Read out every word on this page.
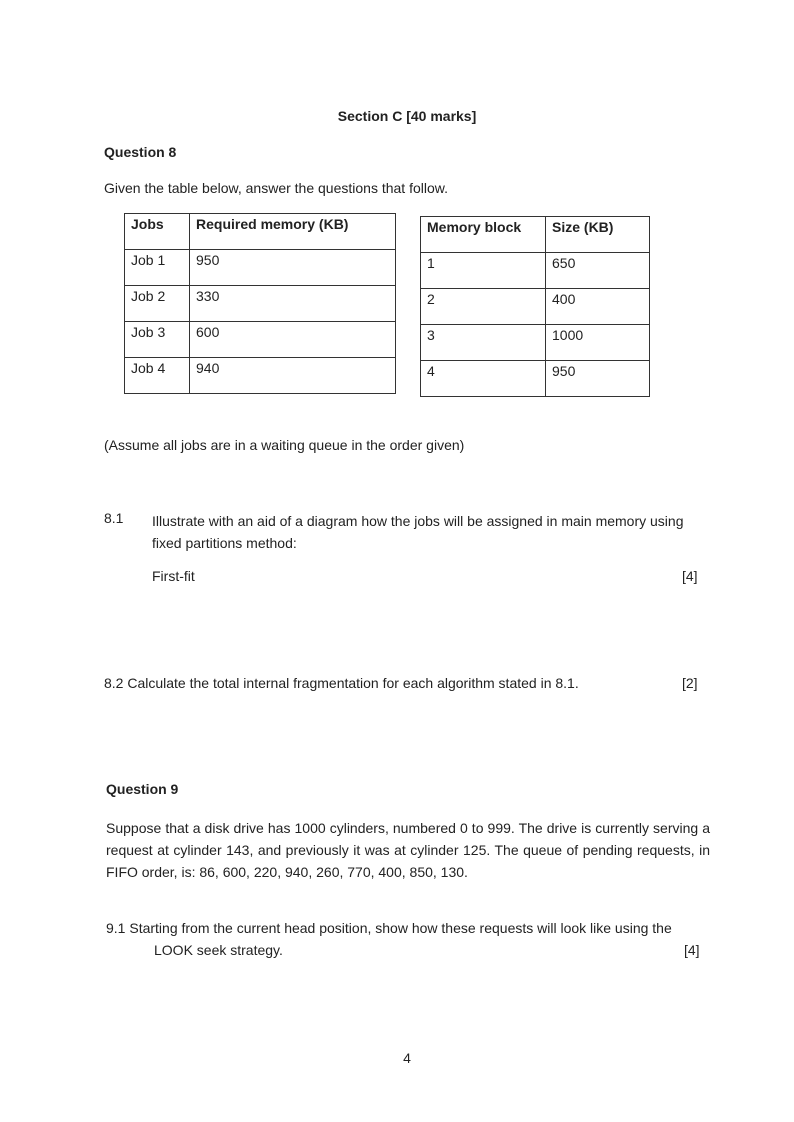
Section C [40 marks]
Question 8
Given the table below, answer the questions that follow.
Jobs	Required memory (KB)
Job 1	950
Job 2	330
Job 3	600
Job 4	940
Memory block	Size (KB)
1	650
2	400
3	1000
4	950
(Assume all jobs are in a waiting queue in the order given)
8.1 Illustrate with an aid of a diagram how the jobs will be assigned in main memory using fixed partitions method:
First-fit	[4]
8.2 Calculate the total internal fragmentation for each algorithm stated in 8.1.	[2]
Question 9
Suppose that a disk drive has 1000 cylinders, numbered 0 to 999. The drive is currently serving a request at cylinder 143, and previously it was at cylinder 125. The queue of pending requests, in FIFO order, is: 86, 600, 220, 940, 260, 770, 400, 850, 130.
9.1 Starting from the current head position, show how these requests will look like using the
LOOK seek strategy.	[4]
4
